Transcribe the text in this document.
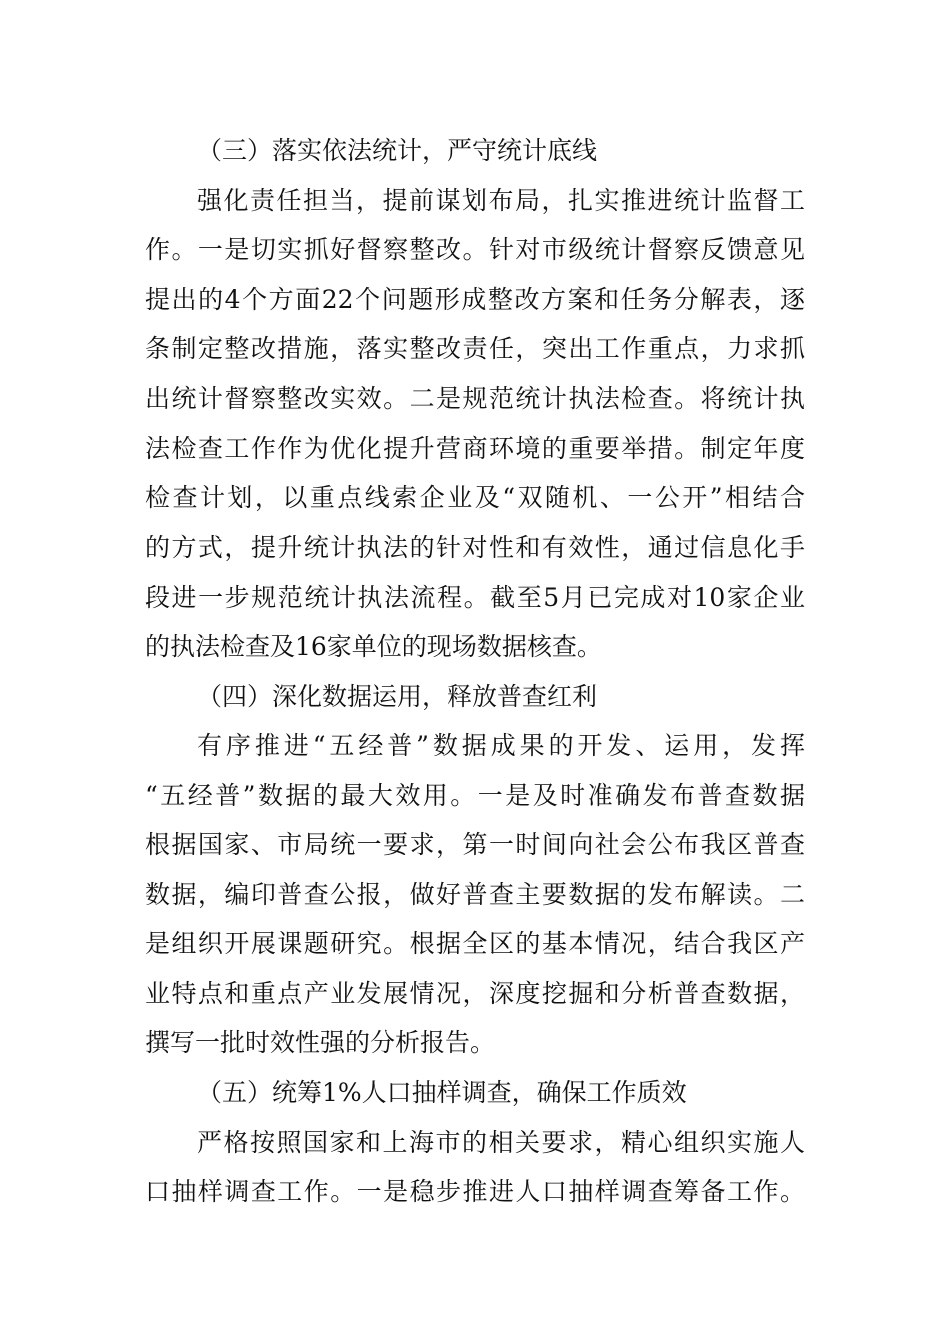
（三）落实依法统计，严守统计底线
强化责任担当，提前谋划布局，扎实推进统计监督工
作。一是切实抓好督察整改。针对市级统计督察反馈意见
提出的4个方面22个问题形成整改方案和任务分解表，逐
条制定整改措施，落实整改责任，突出工作重点，力求抓
出统计督察整改实效。二是规范统计执法检查。将统计执
法检查工作作为优化提升营商环境的重要举措。制定年度
检查计划，以重点线索企业及“双随机、一公开”相结合
的方式，提升统计执法的针对性和有效性，通过信息化手
段进一步规范统计执法流程。截至5月已完成对10家企业
的执法检查及16家单位的现场数据核查。
（四）深化数据运用，释放普查红利
有序推进“五经普”数据成果的开发、运用，发挥
“五经普”数据的最大效用。一是及时准确发布普查数据
根据国家、市局统一要求，第一时间向社会公布我区普查
数据，编印普查公报，做好普查主要数据的发布解读。二
是组织开展课题研究。根据全区的基本情况，结合我区产
业特点和重点产业发展情况，深度挖掘和分析普查数据，
撰写一批时效性强的分析报告。
（五）统筹1%人口抽样调查，确保工作质效
严格按照国家和上海市的相关要求，精心组织实施人
口抽样调查工作。一是稳步推进人口抽样调查筹备工作。
